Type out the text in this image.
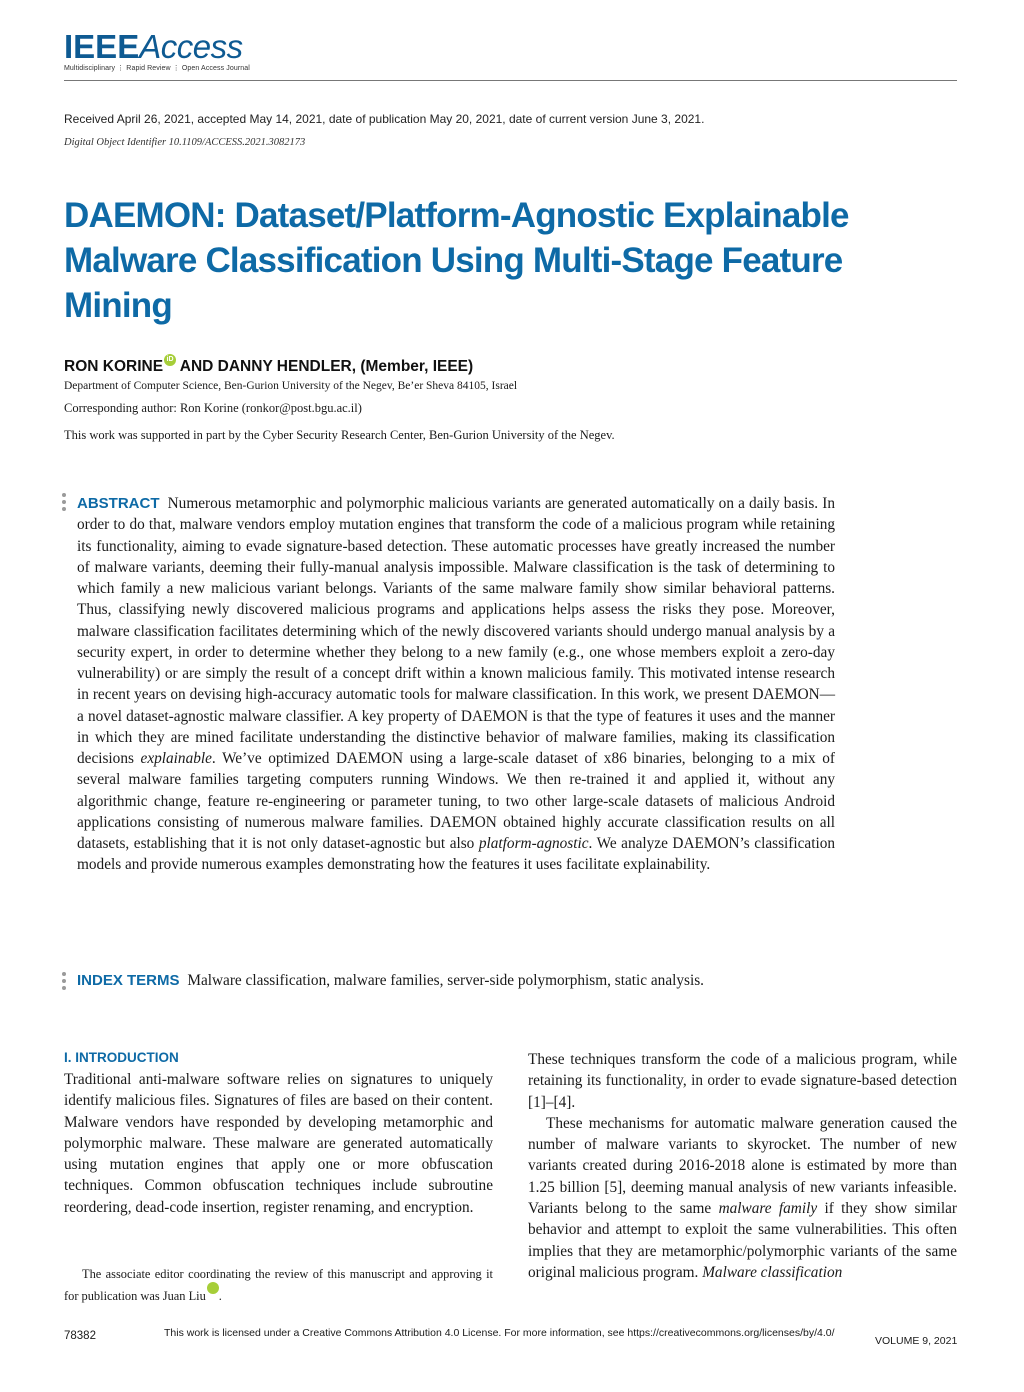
IEEEAccess
Multidisciplinary ⋮ Rapid Review ⋮ Open Access Journal
Received April 26, 2021, accepted May 14, 2021, date of publication May 20, 2021, date of current version June 3, 2021.
Digital Object Identifier 10.1109/ACCESS.2021.3082173
DAEMON: Dataset/Platform-Agnostic Explainable Malware Classification Using Multi-Stage Feature Mining
RON KORINE iD AND DANNY HENDLER, (Member, IEEE)
Department of Computer Science, Ben-Gurion University of the Negev, Be’er Sheva 84105, Israel
Corresponding author: Ron Korine (ronkor@post.bgu.ac.il)
This work was supported in part by the Cyber Security Research Center, Ben-Gurion University of the Negev.

ABSTRACT Numerous metamorphic and polymorphic malicious variants are generated automatically on a daily basis. In order to do that, malware vendors employ mutation engines that transform the code of a malicious program while retaining its functionality, aiming to evade signature-based detection. These automatic processes have greatly increased the number of malware variants, deeming their fully-manual analysis impossible. Malware classification is the task of determining to which family a new malicious variant belongs. Variants of the same malware family show similar behavioral patterns. Thus, classifying newly discovered malicious programs and applications helps assess the risks they pose. Moreover, malware classification facilitates determining which of the newly discovered variants should undergo manual analysis by a security expert, in order to determine whether they belong to a new family (e.g., one whose members exploit a zero-day vulnerability) or are simply the result of a concept drift within a known malicious family. This motivated intense research in recent years on devising high-accuracy automatic tools for malware classification. In this work, we present DAEMON—a novel dataset-agnostic malware classifier. A key property of DAEMON is that the type of features it uses and the manner in which they are mined facilitate understanding the distinctive behavior of malware families, making its classification decisions explainable. We’ve optimized DAEMON using a large-scale dataset of x86 binaries, belonging to a mix of several malware families targeting computers running Windows. We then re-trained it and applied it, without any algorithmic change, feature re-engineering or parameter tuning, to two other large-scale datasets of malicious Android applications consisting of numerous malware families. DAEMON obtained highly accurate classification results on all datasets, establishing that it is not only dataset-agnostic but also platform-agnostic. We analyze DAEMON’s classification models and provide numerous examples demonstrating how the features it uses facilitate explainability.

INDEX TERMS Malware classification, malware families, server-side polymorphism, static analysis.

I. INTRODUCTION

Traditional anti-malware software relies on signatures to uniquely identify malicious files. Signatures of files are based on their content. Malware vendors have responded by developing metamorphic and polymorphic malware. These malware are generated automatically using mutation engines that apply one or more obfuscation techniques. Common obfuscation techniques include subroutine reordering, dead-code insertion, register renaming, and encryption.

The associate editor coordinating the review of this manuscript and approving it for publication was Juan LiuiD.

These techniques transform the code of a malicious program, while retaining its functionality, in order to evade signature-based detection [1]–[4].

These mechanisms for automatic malware generation caused the number of malware variants to skyrocket. The number of new variants created during 2016-2018 alone is estimated by more than 1.25 billion [5], deeming manual analysis of new variants infeasible. Variants belong to the same malware family if they show similar behavior and attempt to exploit the same vulnerabilities. This often implies that they are metamorphic/polymorphic variants of the same original malicious program. Malware classification

78382	This work is licensed under a Creative Commons Attribution 4.0 License. For more information, see https://creativecommons.org/licenses/by/4.0/
VOLUME 9, 2021
